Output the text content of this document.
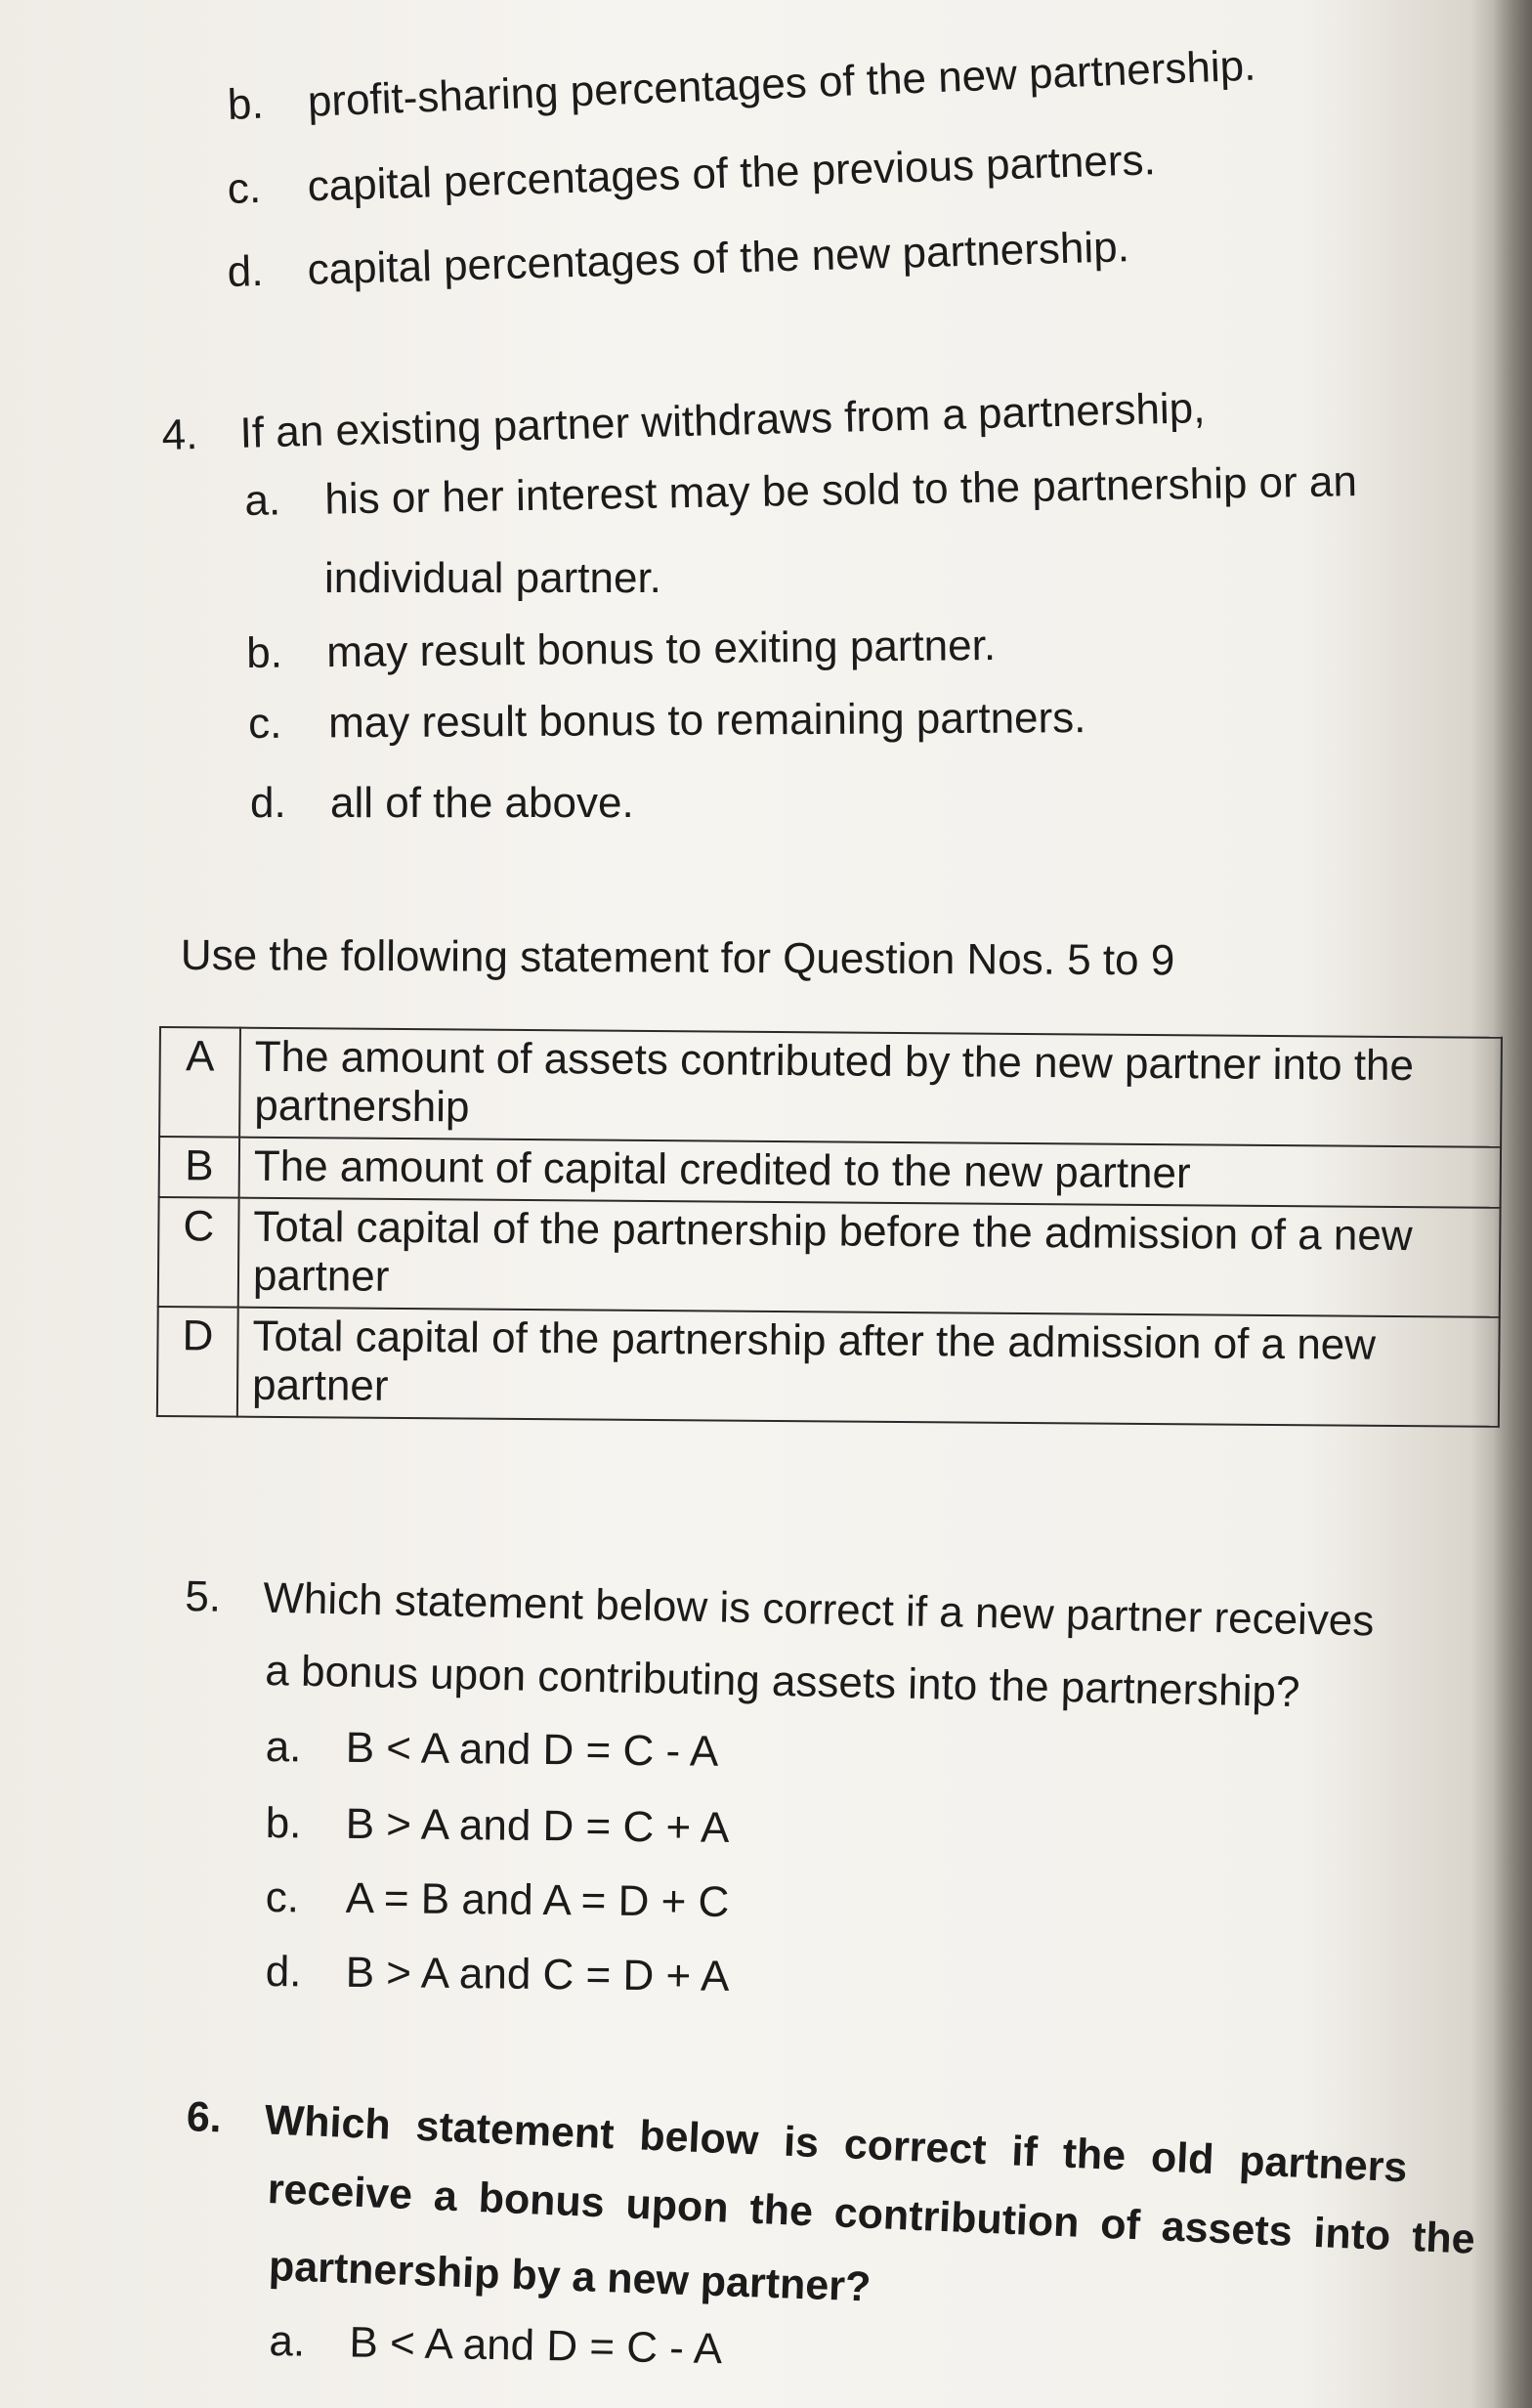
b. profit-sharing percentages of the new partnership.
c. capital percentages of the previous partners.
d. capital percentages of the new partnership.
4. If an existing partner withdraws from a partnership,
a. his or her interest may be sold to the partnership or an
individual partner.
b. may result bonus to exiting partner.
c. may result bonus to remaining partners.
d. all of the above.
Use the following statement for Question Nos. 5 to 9
A	The amount of assets contributed by the new partner into the partnership
B	The amount of capital credited to the new partner
C	Total capital of the partnership before the admission of a new partner
D	Total capital of the partnership after the admission of a new partner
5. Which statement below is correct if a new partner receives
a bonus upon contributing assets into the partnership?
a. B < A and D = C - A
b. B > A and D = C + A
c. A = B and A = D + C
d. B > A and C = D + A
6. Which statement below is correct if the old partners
receive a bonus upon the contribution of assets into the
partnership by a new partner?
a. B < A and D = C - A
